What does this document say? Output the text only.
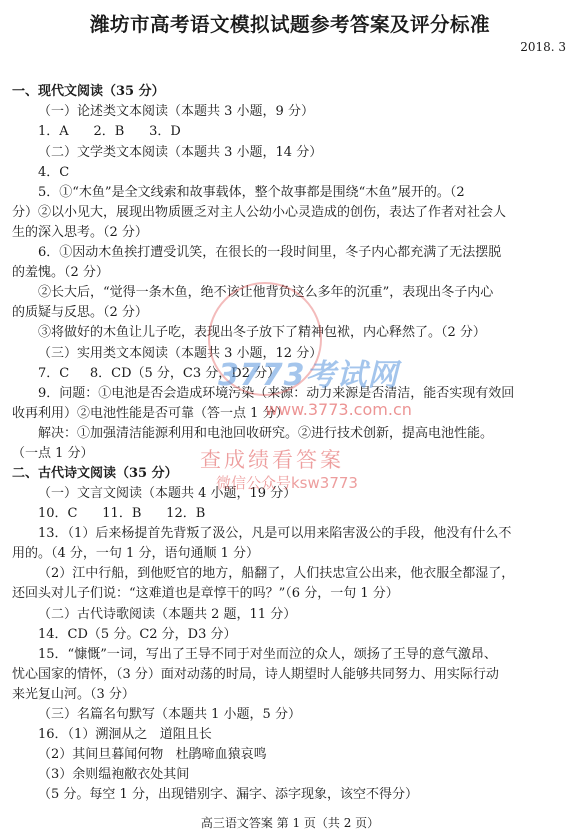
潍坊市高考语文模拟试题参考答案及评分标准
2018. 3
一、现代文阅读（35 分）
（一）论述类文本阅读（本题共 3 小题，9 分）
1．A      2．B      3．D
（二）文学类文本阅读（本题共 3 小题，14 分）
4．C
5．①“木鱼”是全文线索和故事载体，整个故事都是围绕“木鱼”展开的。（2
分）②以小见大，展现出物质匮乏对主人公幼小心灵造成的创伤，表达了作者对社会人
生的深入思考。（2 分）
6．①因动木鱼挨打遭受讥笑，在很长的一段时间里，冬子内心都充满了无法摆脱
的羞愧。（2 分）
②长大后，“觉得一条木鱼，绝不该让他背负这么多年的沉重”，表现出冬子内心
的质疑与反思。（2 分）
③将做好的木鱼让儿子吃，表现出冬子放下了精神包袱，内心释然了。（2 分）
（三）实用类文本阅读（本题共 3 小题，12 分）
7．C     8．CD（5 分，C3 分，D2 分）
9．问题：①电池是否会造成环境污染（来源：动力来源是否清洁，能否实现有效回
收再利用）②电池性能是否可靠（答一点 1 分）
解决：①加强清洁能源利用和电池回收研究。②进行技术创新，提高电池性能。
（一点 1 分）
二、古代诗文阅读（35 分）
（一）文言文阅读（本题共 4 小题，19 分）
10．C      11．B      12．B
13．（1）后来杨提首先背叛了汲公，凡是可以用来陷害汲公的手段，他没有什么不
用的。（4 分，一句 1 分，语句通顺 1 分）
（2）江中行船，到他贬官的地方，船翻了，人们扶忠宣公出来，他衣服全都湿了，
还回头对儿子们说：“这难道也是章惇干的吗？”（6 分，一句 1 分）
（二）古代诗歌阅读（本题共 2 题，11 分）
14．CD（5 分。C2 分，D3 分）
15．“慷慨”一词，写出了王导不同于对坐而泣的众人，颂扬了王导的意气激昂、
忧心国家的情怀，（3 分）面对动荡的时局，诗人期望时人能够共同努力、用实际行动
来光复山河。（3 分）
（三）名篇名句默写（本题共 1 小题，5 分）
16．（1）溯洄从之   道阻且长
（2）其间旦暮闻何物   杜鹃啼血猿哀鸣
（3）余则缊袍敝衣处其间
（5 分。每空 1 分，出现错别字、漏字、添字现象，该空不得分）
高三语文答案 第 1 页（共 2 页）
3773考试网
www.3773.com.cn
查成绩看答案
微信公众号ksw3773
